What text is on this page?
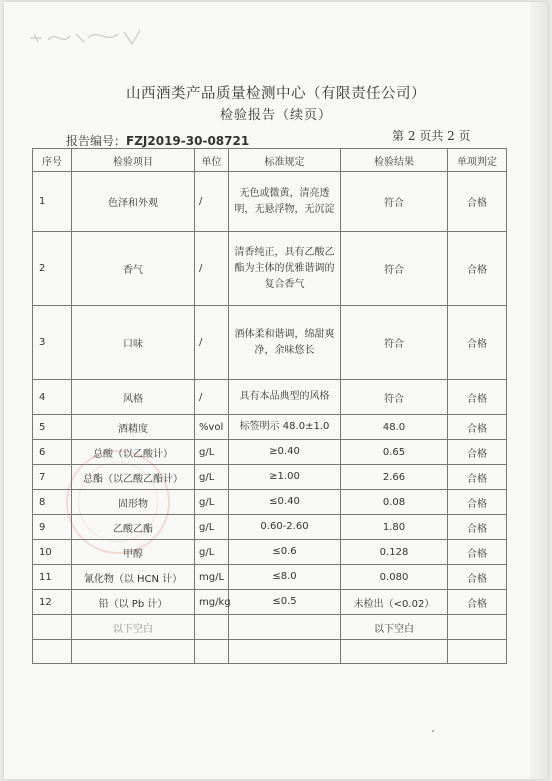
山西酒类产品质量检测中心（有限责任公司）
检验报告（续页）
报告编号：FZJ2019-30-08721	第 2 页共 2 页
序号	检验项目	单位	标准规定	检验结果	单项判定
1	色泽和外观	/	无色或微黄，清亮透明，无悬浮物，无沉淀	符合	合格
2	香气	/	清香纯正，具有乙酸乙酯为主体的优雅谐调的复合香气	符合	合格
3	口味	/	酒体柔和谐调，绵甜爽净，余味悠长	符合	合格
4	风格	/	具有本品典型的风格	符合	合格
5	酒精度	%vol	标签明示 48.0±1.0	48.0	合格
6	总酸（以乙酸计）	g/L	≥0.40	0.65	合格
7	总酯（以乙酸乙酯计）	g/L	≥1.00	2.66	合格
8	固形物	g/L	≤0.40	0.08	合格
9	乙酸乙酯	g/L	0.60-2.60	1.80	合格
10	甲醇	g/L	≤0.6	0.128	合格
11	氰化物（以 HCN 计）	mg/L	≤8.0	0.080	合格
12	铅（以 Pb 计）	mg/kg	≤0.5	未检出（<0.02）	合格
	以下空白			以下空白	
